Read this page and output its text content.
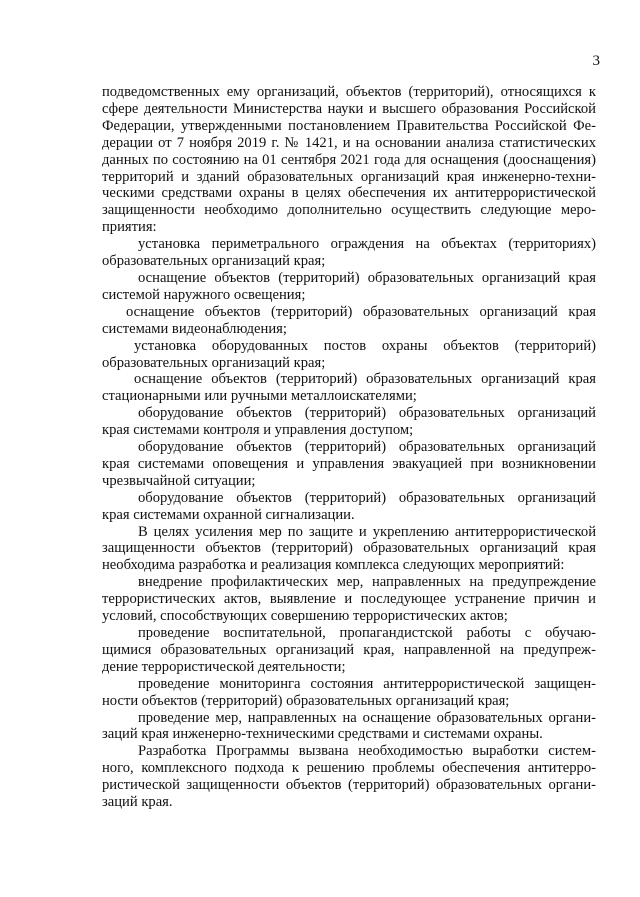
3
подведомственных ему организаций, объектов (территорий), относящихся к
сфере деятельности Министерства науки и высшего образования Российской
Федерации, утвержденными постановлением Правительства Российской Фе-
дерации от 7 ноября 2019 г. № 1421, и на основании анализа статистических
данных по состоянию на 01 сентября 2021 года для оснащения (дооснащения)
территорий и зданий образовательных организаций края инженерно-техни-
ческими средствами охраны в целях обеспечения их антитеррористической
защищенности необходимо дополнительно осуществить следующие меро-
приятия:
установка периметрального ограждения на объектах (территориях)
образовательных организаций края;
оснащение объектов (территорий) образовательных организаций края
системой наружного освещения;
оснащение объектов (территорий) образовательных организаций края
системами видеонаблюдения;
установка оборудованных постов охраны объектов (территорий)
образовательных организаций края;
оснащение объектов (территорий) образовательных организаций края
стационарными или ручными металлоискателями;
оборудование объектов (территорий) образовательных организаций
края системами контроля и управления доступом;
оборудование объектов (территорий) образовательных организаций
края системами оповещения и управления эвакуацией при возникновении
чрезвычайной ситуации;
оборудование объектов (территорий) образовательных организаций
края системами охранной сигнализации.
В целях усиления мер по защите и укреплению антитеррористической
защищенности объектов (территорий) образовательных организаций края
необходима разработка и реализация комплекса следующих мероприятий:
внедрение профилактических мер, направленных на предупреждение
террористических актов, выявление и последующее устранение причин и
условий, способствующих совершению террористических актов;
проведение воспитательной, пропагандистской работы с обучаю-
щимися образовательных организаций края, направленной на предупреж-
дение террористической деятельности;
проведение мониторинга состояния антитеррористической защищен-
ности объектов (территорий) образовательных организаций края;
проведение мер, направленных на оснащение образовательных органи-
заций края инженерно-техническими средствами и системами охраны.
Разработка Программы вызвана необходимостью выработки систем-
ного, комплексного подхода к решению проблемы обеспечения антитерро-
ристической защищенности объектов (территорий) образовательных органи-
заций края.
